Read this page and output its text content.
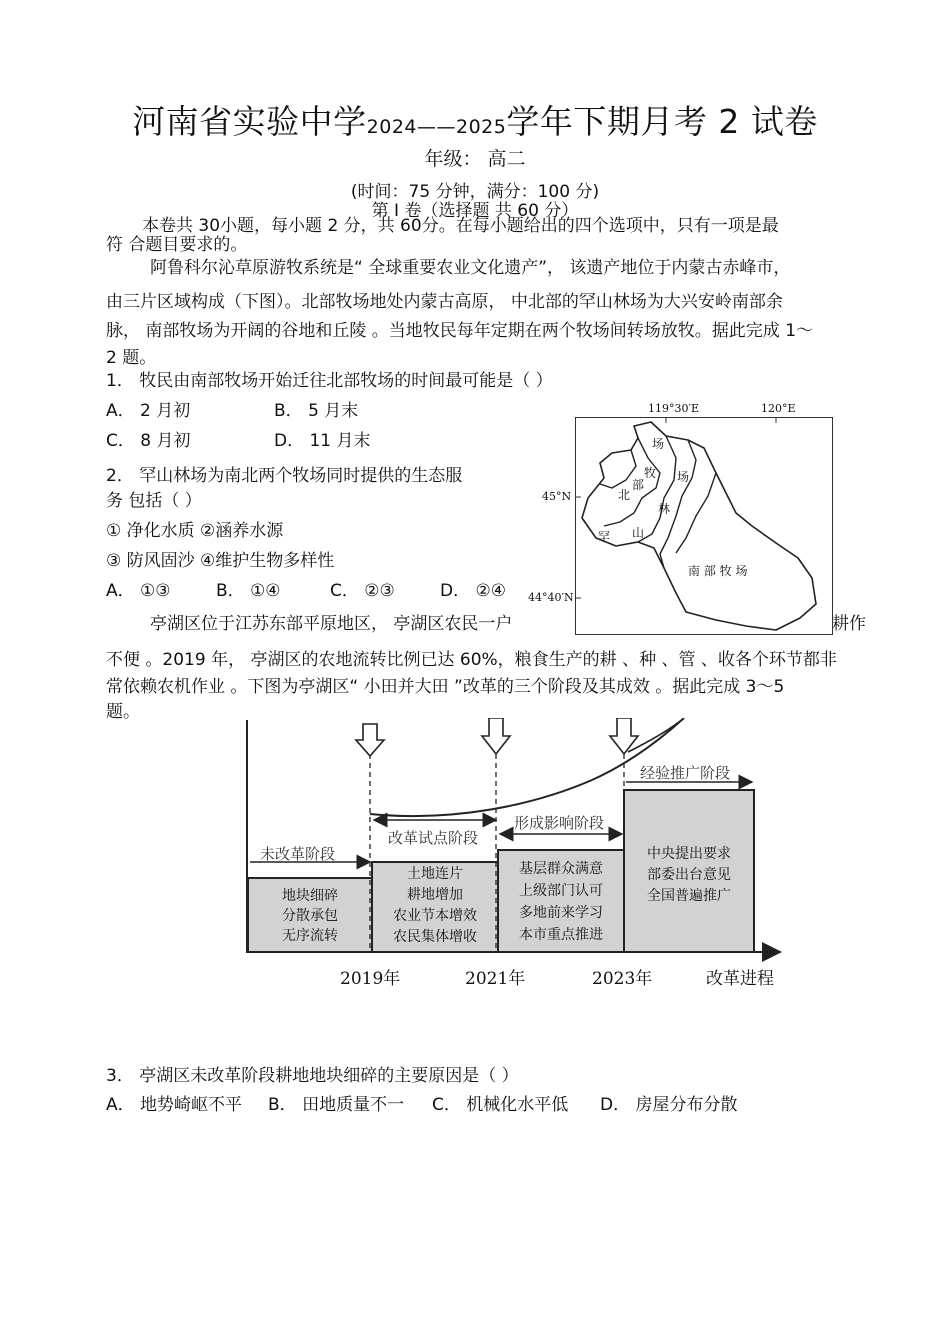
河南省实验中学2024——2025学年下期月考 2 试卷
年级： 高二
(时间：75 分钟，满分：100 分)
第 Ⅰ 卷（选择题 共 60 分）
本卷共 30小题，每小题 2 分，共 60分。在每小题给出的四个选项中，只有一项是最
符 合题目要求的。
阿鲁科尔沁草原游牧系统是“ 全球重要农业文化遗产”， 该遗产地位于内蒙古赤峰市，
由三片区域构成（下图）。北部牧场地处内蒙古高原， 中北部的罕山林场为大兴安岭南部余
脉， 南部牧场为开阔的谷地和丘陵 。当地牧民每年定期在两个牧场间转场放牧。据此完成 1～
2 题。
1． 牧民由南部牧场开始迁往北部牧场的时间最可能是（ ）
A． 2 月初	B． 5 月末
C． 8 月初	D． 11 月末
2． 罕山林场为南北两个牧场同时提供的生态服
务 包括（ ）
① 净化水质 ②涵养水源
③ 防风固沙 ④维护生物多样性
A． ①③	B． ①④	C． ②③	D． ②④
119°30′E	120°E
45°N
44°40′N
场
牧
部
北
场
林
山
罕
南 部 牧 场
亭湖区位于江苏东部平原地区， 亭湖区农民一户	耕作
不便 。2019 年， 亭湖区的农地流转比例已达 60%，粮食生产的耕 、种 、管 、收各个环节都非
常依赖农机作业 。下图为亭湖区“ 小田并大田 ”改革的三个阶段及其成效 。据此完成 3～5
题。
未改革阶段
改革试点阶段
形成影响阶段
经验推广阶段
地块细碎
分散承包
无序流转
土地连片
耕地增加
农业节本增效
农民集体增收
基层群众满意
上级部门认可
多地前来学习
本市重点推进
中央提出要求
部委出台意见
全国普遍推广
2019年	2021年	2023年	改革进程
3． 亭湖区未改革阶段耕地地块细碎的主要原因是（ ）
A． 地势崎岖不平 B． 田地质量不一 C． 机械化水平低 D． 房屋分布分散
